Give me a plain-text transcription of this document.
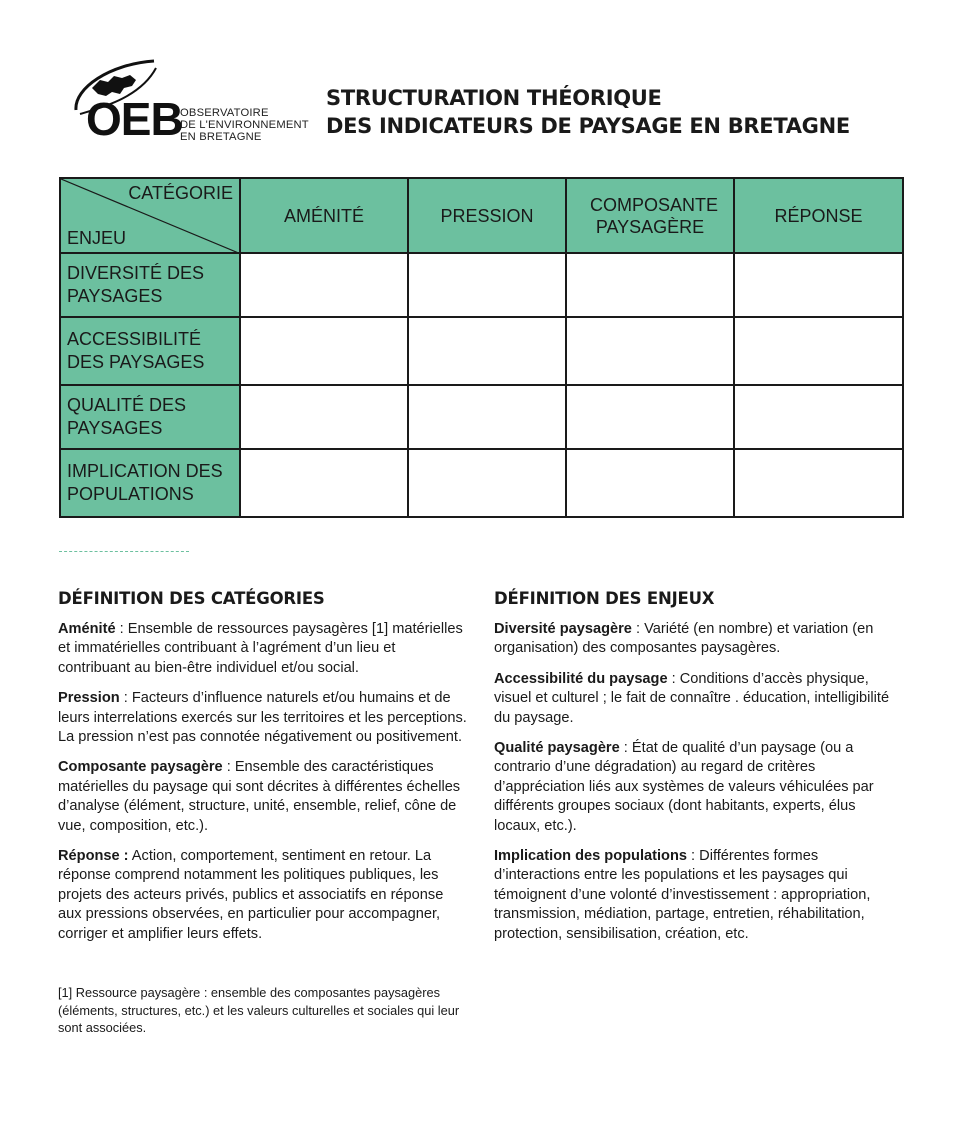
OEB
OBSERVATOIRE
DE L'ENVIRONNEMENT
EN BRETAGNE
STRUCTURATION THÉORIQUE
DES INDICATEURS DE PAYSAGE EN BRETAGNE
CATÉGORIE
ENJEU	AMÉNITÉ	PRESSION	COMPOSANTE PAYSAGÈRE	RÉPONSE
DIVERSITÉ DES PAYSAGES				
ACCESSIBILITÉ DES PAYSAGES				
QUALITÉ DES PAYSAGES				
IMPLICATION DES POPULATIONS				
DÉFINITION DES CATÉGORIES

Aménité : Ensemble de ressources paysagères [1] matérielles et immatérielles contribuant à l’agrément d’un lieu et contribuant au bien-être individuel et/ou social.

Pression : Facteurs d’influence naturels et/ou humains et de leurs interrelations exercés sur les territoires et les perceptions. La pression n’est pas connotée négativement ou positivement.

Composante paysagère : Ensemble des caractéristiques matérielles du paysage qui sont décrites à différentes échelles d’analyse (élément, structure, unité, ensemble, relief, cône de vue, composition, etc.).

Réponse : Action, comportement, sentiment en retour. La réponse comprend notamment les politiques publiques, les projets des acteurs privés, publics et associatifs en réponse aux pressions observées, en particulier pour accompagner, corriger et amplifier leurs effets.

DÉFINITION DES ENJEUX

Diversité paysagère : Variété (en nombre) et variation (en organisation) des composantes paysagères.

Accessibilité du paysage : Conditions d’accès physique, visuel et culturel ; le fait de connaître . éducation, intelligibilité du paysage.

Qualité paysagère : État de qualité d’un paysage (ou a contrario d’une dégradation) au regard de critères d’appréciation liés aux systèmes de valeurs véhiculées par différents groupes sociaux (dont habitants, experts, élus locaux, etc.).

Implication des populations : Différentes formes d’interactions entre les populations et les paysages qui témoignent d’une volonté d’investissement : appropriation, transmission, médiation, partage, entretien, réhabilitation, protection, sensibilisation, création, etc.

[1] Ressource paysagère : ensemble des composantes paysagères (éléments, structures, etc.) et les valeurs culturelles et sociales qui leur sont associées.
